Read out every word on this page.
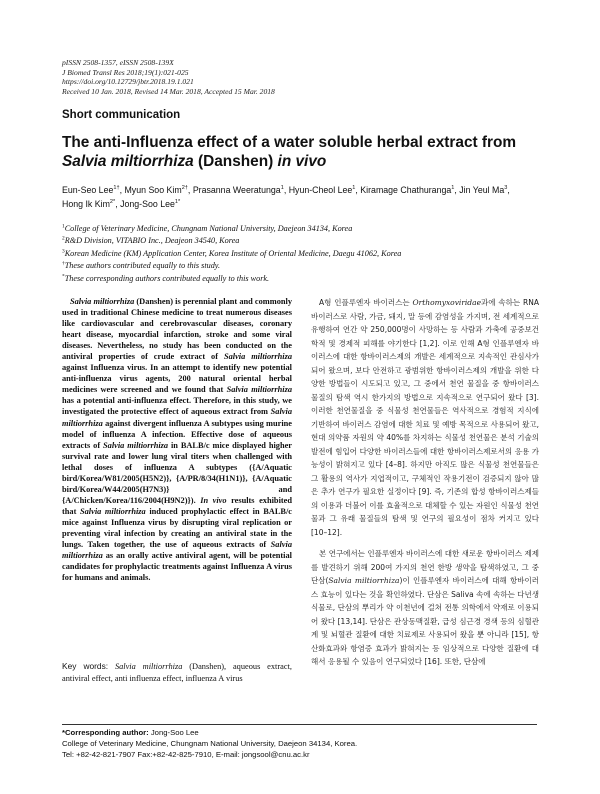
pISSN 2508-1357, eISSN 2508-139X
J Biomed Transl Res 2018;19(1):021-025
https://doi.org/10.12729/jbtr.2018.19.1.021
Received 10 Jan. 2018, Revised 14 Mar. 2018, Accepted 15 Mar. 2018
Short communication
The anti-Influenza effect of a water soluble herbal extract from Salvia miltiorrhiza (Danshen) in vivo
Eun-Seo Lee$^{1\dagger}$, Myun Soo Kim$^{2\dagger}$, Prasanna Weeratunga$^1$, Hyun-Cheol Lee$^1$, Kiramage Chathuranga$^1$, Jin Yeul Ma$^3$,
Hong Ik Kim$^{2*}$, Jong-Soo Lee$^{1*}$
$^1$College of Veterinary Medicine, Chungnam National University, Daejeon 34134, Korea
$^2$R&D Division, VITABIO Inc., Deajeon 34540, Korea
$^3$Korean Medicine (KM) Application Center, Korea Institute of Oriental Medicine, Daegu 41062, Korea
†These authors contributed equally to this study.
*These corresponding authors contributed equally to this work.
Salvia miltiorrhiza (Danshen) is perennial plant and commonly used in traditional Chinese medicine to treat numerous diseases like cardiovascular and cerebrovascular diseases, coronary heart disease, myocardial infarction, stroke and some viral diseases. Nevertheless, no study has been conducted on the antiviral properties of crude extract of Salvia miltiorrhiza against Influenza virus. In an attempt to identify new potential anti-influenza virus agents, 200 natural oriental herbal medicines were screened and we found that Salvia miltiorrhiza has a potential anti-influenza effect. Therefore, in this study, we investigated the protective effect of aqueous extract from Salvia miltiorrhiza against divergent influenza A subtypes using murine model of influenza A infection. Effective dose of aqueous extracts of Salvia miltiorrhiza in BALB/c mice displayed higher survival rate and lower lung viral titers when challenged with lethal doses of influenza A subtypes ({A/Aquatic bird/Korea/W81/2005(H5N2)}, {A/PR/8/34(H1N1)}, {A/Aquatic bird/Korea/W44/2005(H7N3)} and {A/Chicken/Korea/116/2004(H9N2)}). In vivo results exhibited that Salvia miltiorrhiza induced prophylactic effect in BALB/c mice against Influenza virus by disrupting viral replication or preventing viral infection by creating an antiviral state in the lungs. Taken together, the use of aqueous extracts of Salvia miltiorrhiza as an orally active antiviral agent, will be potential candidates for prophylactic treatments against Influenza A virus for humans and animals.
Key words: Salvia miltiorrhiza (Danshen), aqueous extract, antiviral effect, anti influenza effect, influenza A virus

A형 인플루엔자 바이러스는 Orthomyxoviridae과에 속하는 RNA 바이러스로 사람, 가금, 돼지, 말 등에 감염성을 가지며, 전 세계적으로 유행하여 연간 약 250,000명이 사망하는 등 사람과 가축에 공중보건학적 및 경제적 피해를 야기한다 [1,2]. 이로 인해 A형 인플루엔자 바이러스에 대한 항바이러스제의 개발은 세계적으로 지속적인 관심사가 되어 왔으며, 보다 안전하고 광범위한 항바이러스제의 개발을 위한 다양한 방법들이 시도되고 있고, 그 중에서 천연 물질을 중 항바이러스 물질의 탐색 역시 한가지의 방법으로 지속적으로 연구되어 왔다 [3]. 이러한 천연물질을 중 식물성 천연물들은 역사적으로 경험적 지식에 기반하여 바이러스 감염에 대한 치료 및 예방 목적으로 사용되어 왔고, 현대 의약품 자원의 약 40%를 차지하는 식물성 천연물은 분석 기술의 발전에 힘입어 다양한 바이러스들에 대한 항바이러스제로서의 응용 가능성이 밝혀지고 있다 [4–8]. 하지만 아직도 많은 식물성 천연물들은 그 활용의 역사가 지엽적이고, 구체적인 작용기전이 검증되지 않아 많은 추가 연구가 필요한 실정이다 [9]. 즉, 기존의 합성 항바이러스제들의 이용과 더불어 이를 효율적으로 대체할 수 있는 자원인 식물성 천연물과 그 유래 물질들의 탐색 및 연구의 필요성이 점차 커지고 있다 [10–12].

본 연구에서는 인플루엔자 바이러스에 대한 새로운 항바이러스 제제를 발견하기 위해 200여 가지의 천연 한방 생약을 탐색하였고, 그 중 단삼(Salvia miltiorrhiza)이 인플루엔자 바이러스에 대해 항바이러스 효능이 있다는 것을 확인하였다. 단삼은 Saliva 속에 속하는 다년생 식물로, 단삼의 뿌리가 약 이천년에 걸쳐 전통 의학에서 약재로 이용되어 왔다 [13,14]. 단삼은 관상동맥질환, 급성 심근경 경색 등의 심혈관계 및 뇌혈관 질환에 대한 치료제로 사용되어 왔을 뿐 아니라 [15], 항산화효과와 항염증 효과가 밝혀지는 등 임상적으로 다양한 질환에 대해서 응용될 수 있음이 연구되었다 [16]. 또한, 단삼에

*Corresponding author: Jong-Soo Lee
College of Veterinary Medicine, Chungnam National University, Daejeon 34134, Korea.
Tel: +82-42-821-7907 Fax:+82-42-825-7910, E-mail: jongsool@cnu.ac.kr
